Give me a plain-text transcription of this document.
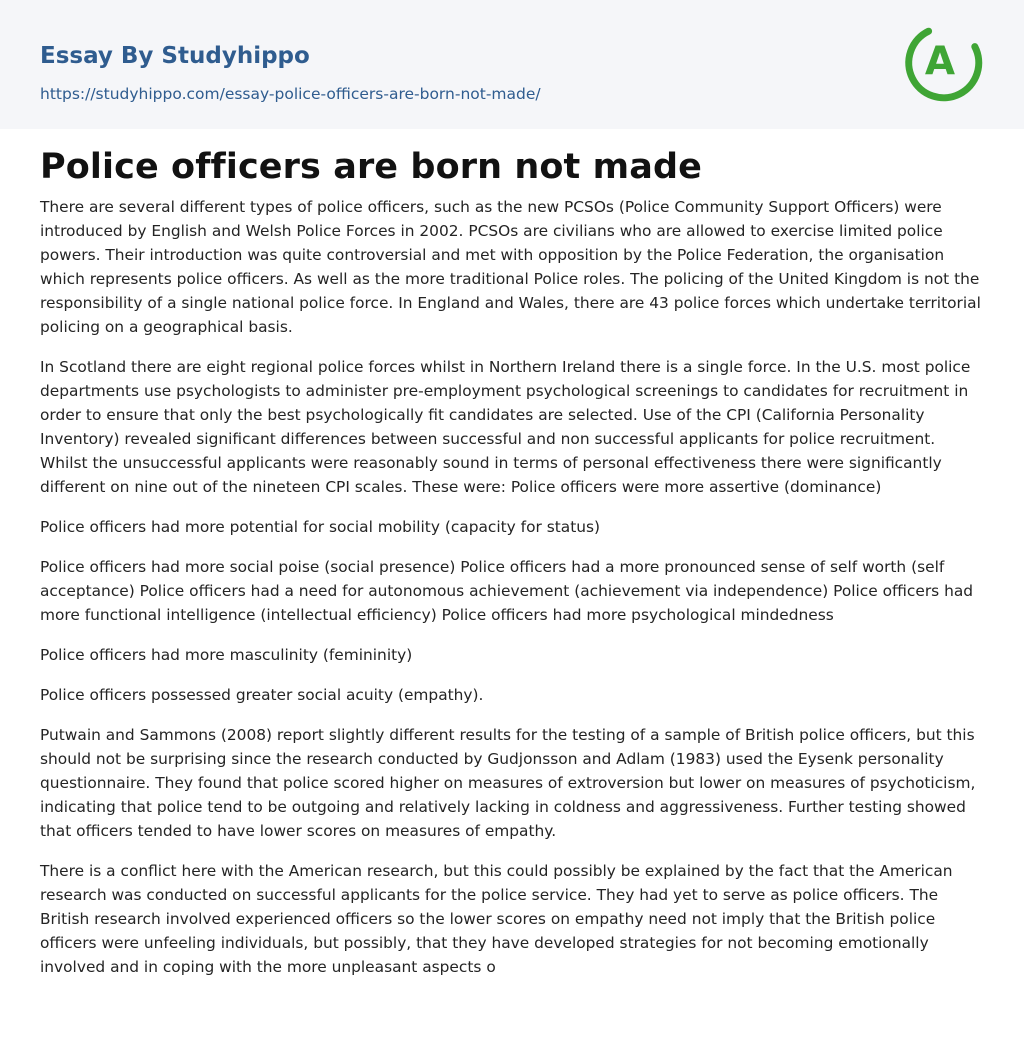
Essay By Studyhippo
https://studyhippo.com/essay-police-officers-are-born-not-made/
A
Police officers are born not made

There are several different types of police officers, such as the new PCSOs (Police Community Support Officers) were introduced by English and Welsh Police Forces in 2002. PCSOs are civilians who are allowed to exercise limited police powers. Their introduction was quite controversial and met with opposition by the Police Federation, the organisation which represents police officers. As well as the more traditional Police roles. The policing of the United Kingdom is not the responsibility of a single national police force. In England and Wales, there are 43 police forces which undertake territorial policing on a geographical basis.

In Scotland there are eight regional police forces whilst in Northern Ireland there is a single force. In the U.S. most police departments use psychologists to administer pre-employment psychological screenings to candidates for recruitment in order to ensure that only the best psychologically fit candidates are selected. Use of the CPI (California Personality Inventory) revealed significant differences between successful and non successful applicants for police recruitment. Whilst the unsuccessful applicants were reasonably sound in terms of personal effectiveness there were significantly different on nine out of the nineteen CPI scales. These were: Police officers were more assertive (dominance)

Police officers had more potential for social mobility (capacity for status)

Police officers had more social poise (social presence) Police officers had a more pronounced sense of self worth (self acceptance) Police officers had a need for autonomous achievement (achievement via independence) Police officers had more functional intelligence (intellectual efficiency) Police officers had more psychological mindedness

Police officers had more masculinity (femininity)

Police officers possessed greater social acuity (empathy).

Putwain and Sammons (2008) report slightly different results for the testing of a sample of British police officers, but this should not be surprising since the research conducted by Gudjonsson and Adlam (1983) used the Eysenk personality questionnaire. They found that police scored higher on measures of extroversion but lower on measures of psychoticism, indicating that police tend to be outgoing and relatively lacking in coldness and aggressiveness. Further testing showed that officers tended to have lower scores on measures of empathy.

There is a conflict here with the American research, but this could possibly be explained by the fact that the American research was conducted on successful applicants for the police service. They had yet to serve as police officers. The British research involved experienced officers so the lower scores on empathy need not imply that the British police officers were unfeeling individuals, but possibly, that they have developed strategies for not becoming emotionally involved and in coping with the more unpleasant aspects o
